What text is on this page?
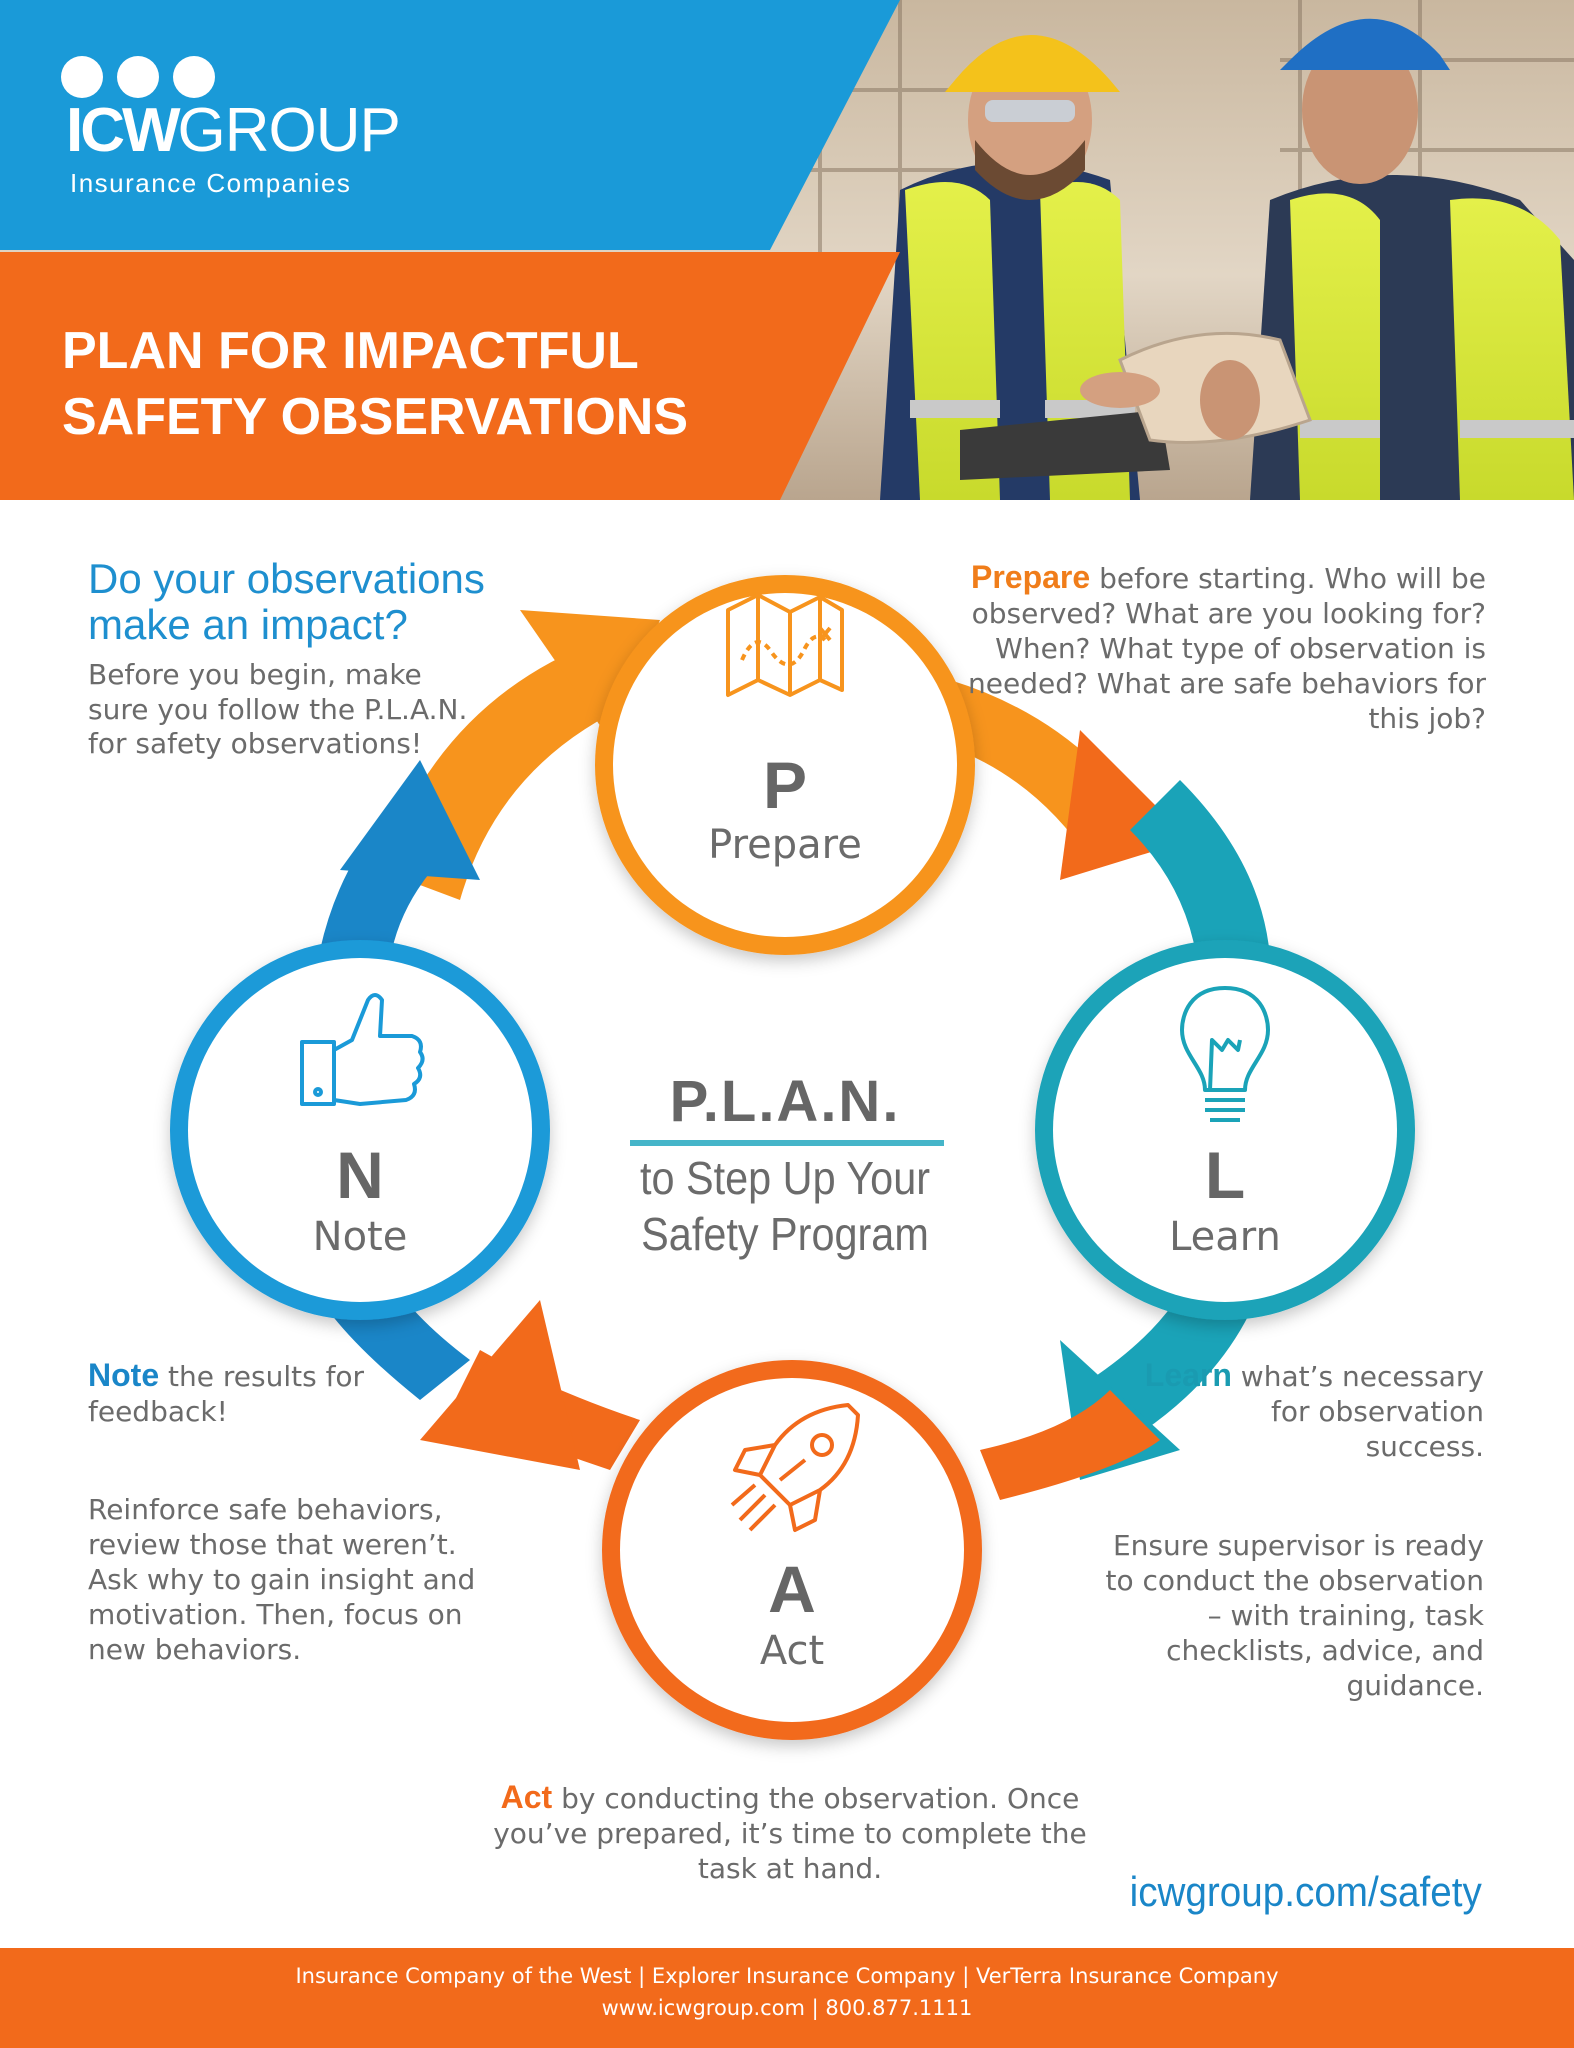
ICWGROUP
Insurance Companies
PLAN FOR IMPACTFUL
SAFETY OBSERVATIONS
Do your observations make an impact?
Before you begin, make sure you follow the P.L.A.N. for safety observations!
P
Prepare
L
Learn
A
Act
N
Note
P.L.A.N.
to Step Up Your
Safety Program
Prepare before starting. Who will be observed? What are you looking for? When? What type of observation is needed? What are safe behaviors for this job?
Learn what’s necessary for observation success.
Ensure supervisor is ready to conduct the observation – with training, task checklists, advice, and guidance.
Note the results for feedback!
Reinforce safe behaviors, review those that weren’t. Ask why to gain insight and motivation. Then, focus on new behaviors.
Act by conducting the observation. Once you’ve prepared, it’s time to complete the task at hand.	icwgroup.com/safety
Insurance Company of the West | Explorer Insurance Company | VerTerra Insurance Company
www.icwgroup.com | 800.877.1111
